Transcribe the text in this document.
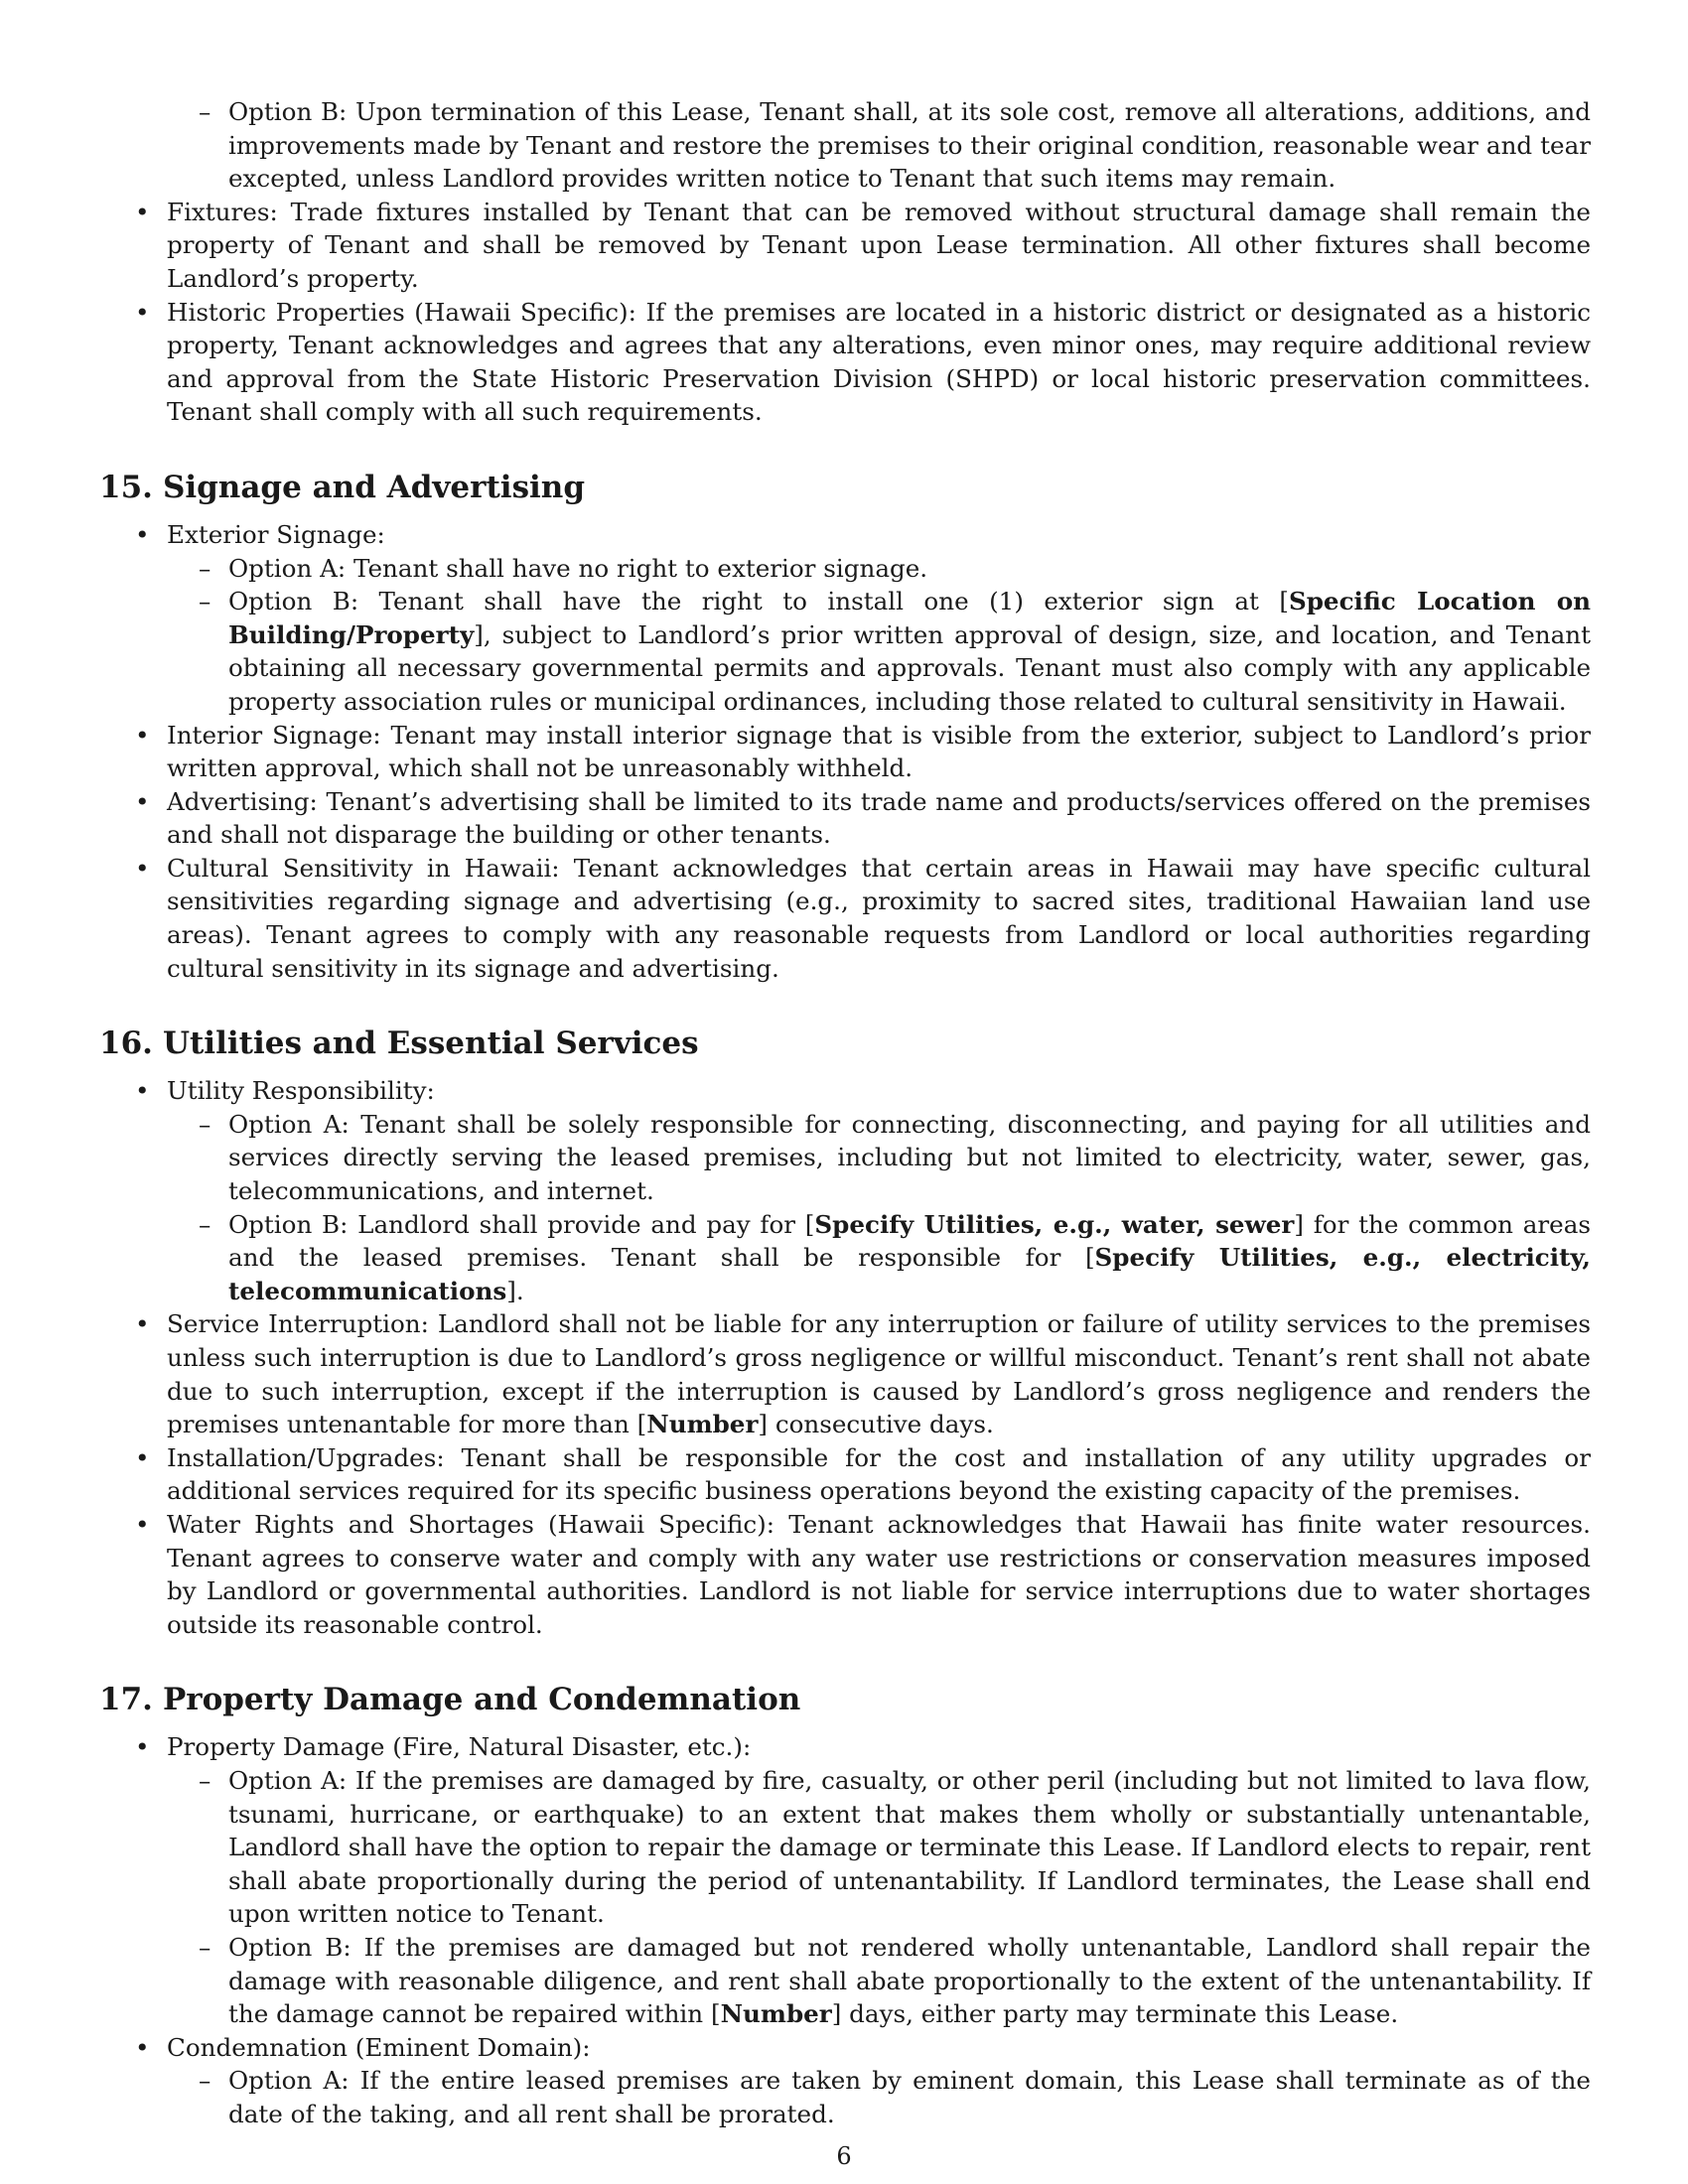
– Option B: Upon termination of this Lease, Tenant shall, at its sole cost, remove all alterations, additions, and improvements made by Tenant and restore the premises to their original condition, reasonable wear and tear excepted, unless Landlord provides written notice to Tenant that such items may remain.

• Fixtures: Trade fixtures installed by Tenant that can be removed without structural damage shall remain the property of Tenant and shall be removed by Tenant upon Lease termination. All other fixtures shall become Landlord’s property.
• Historic Properties (Hawaii Specific): If the premises are located in a historic district or designated as a historic property, Tenant acknowledges and agrees that any alterations, even minor ones, may require additional review and approval from the State Historic Preservation Division (SHPD) or local historic preservation committees. Tenant shall comply with all such requirements.
15. Signage and Advertising
• Exterior Signage:
– Option A: Tenant shall have no right to exterior signage.
– Option B: Tenant shall have the right to install one (1) exterior sign at [Specific Location on Building/Property], subject to Landlord’s prior written approval of design, size, and location, and Tenant obtaining all necessary governmental permits and approvals. Tenant must also comply with any applicable property association rules or municipal ordinances, including those related to cultural sensitivity in Hawaii.
• Interior Signage: Tenant may install interior signage that is visible from the exterior, subject to Landlord’s prior written approval, which shall not be unreasonably withheld.
• Advertising: Tenant’s advertising shall be limited to its trade name and products/services offered on the premises and shall not disparage the building or other tenants.
• Cultural Sensitivity in Hawaii: Tenant acknowledges that certain areas in Hawaii may have specific cultural sensitivities regarding signage and advertising (e.g., proximity to sacred sites, traditional Hawaiian land use areas). Tenant agrees to comply with any reasonable requests from Landlord or local authorities regarding cultural sensitivity in its signage and advertising.
16. Utilities and Essential Services
• Utility Responsibility:
– Option A: Tenant shall be solely responsible for connecting, disconnecting, and paying for all utilities and services directly serving the leased premises, including but not limited to electricity, water, sewer, gas, telecommunications, and internet.
– Option B: Landlord shall provide and pay for [Specify Utilities, e.g., water, sewer] for the common areas and the leased premises. Tenant shall be responsible for [Specify Utilities, e.g., electricity, telecommunications].
• Service Interruption: Landlord shall not be liable for any interruption or failure of utility services to the premises unless such interruption is due to Landlord’s gross negligence or willful misconduct. Tenant’s rent shall not abate due to such interruption, except if the interruption is caused by Landlord’s gross negligence and renders the premises untenantable for more than [Number] consecutive days.
• Installation/Upgrades: Tenant shall be responsible for the cost and installation of any utility upgrades or additional services required for its specific business operations beyond the existing capacity of the premises.
• Water Rights and Shortages (Hawaii Specific): Tenant acknowledges that Hawaii has finite water resources. Tenant agrees to conserve water and comply with any water use restrictions or conservation measures imposed by Landlord or governmental authorities. Landlord is not liable for service interruptions due to water shortages outside its reasonable control.
17. Property Damage and Condemnation
• Property Damage (Fire, Natural Disaster, etc.):
– Option A: If the premises are damaged by fire, casualty, or other peril (including but not limited to lava flow, tsunami, hurricane, or earthquake) to an extent that makes them wholly or substantially untenantable, Landlord shall have the option to repair the damage or terminate this Lease. If Landlord elects to repair, rent shall abate proportionally during the period of untenantability. If Landlord terminates, the Lease shall end upon written notice to Tenant.
– Option B: If the premises are damaged but not rendered wholly untenantable, Landlord shall repair the damage with reasonable diligence, and rent shall abate proportionally to the extent of the untenantability. If the damage cannot be repaired within [Number] days, either party may terminate this Lease.
• Condemnation (Eminent Domain):
– Option A: If the entire leased premises are taken by eminent domain, this Lease shall terminate as of the date of the taking, and all rent shall be prorated.
6
